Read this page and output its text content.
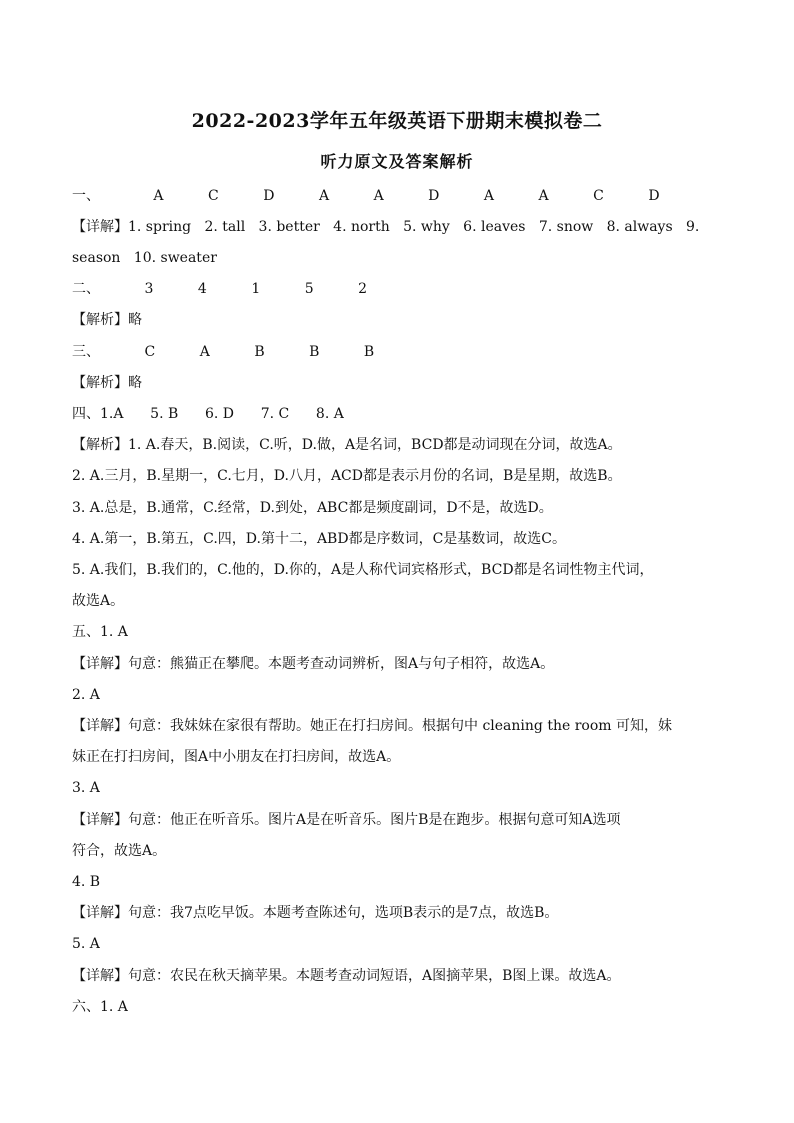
2022-2023学年五年级英语下册期末模拟卷二
听力原文及答案解析
一、            A          C          D          A          A          D          A          A          C          D
【详解】1. spring   2. tall   3. better   4. north   5. why   6. leaves   7. snow   8. always   9.
season   10. sweater
二、          3          4          1          5          2
【解析】略
三、          C          A          B          B          B
【解析】略
四、1.A      5. B      6. D      7. C      8. A
【解析】1. A.春天，B.阅读，C.听，D.做，A是名词，BCD都是动词现在分词，故选A。
2. A.三月，B.星期一，C.七月，D.八月，ACD都是表示月份的名词，B是星期，故选B。
3. A.总是，B.通常，C.经常，D.到处，ABC都是频度副词，D不是，故选D。
4. A.第一，B.第五，C.四，D.第十二，ABD都是序数词，C是基数词，故选C。
5. A.我们，B.我们的，C.他的，D.你的，A是人称代词宾格形式，BCD都是名词性物主代词，
故选A。
五、1. A
【详解】句意：熊猫正在攀爬。本题考查动词辨析，图A与句子相符，故选A。
2. A
【详解】句意：我妹妹在家很有帮助。她正在打扫房间。根据句中 cleaning the room 可知，妹
妹正在打扫房间，图A中小朋友在打扫房间，故选A。
3. A
【详解】句意：他正在听音乐。图片A是在听音乐。图片B是在跑步。根据句意可知A选项
符合，故选A。
4. B
【详解】句意：我7点吃早饭。本题考查陈述句，选项B表示的是7点，故选B。
5. A
【详解】句意：农民在秋天摘苹果。本题考查动词短语，A图摘苹果，B图上课。故选A。
六、1. A
